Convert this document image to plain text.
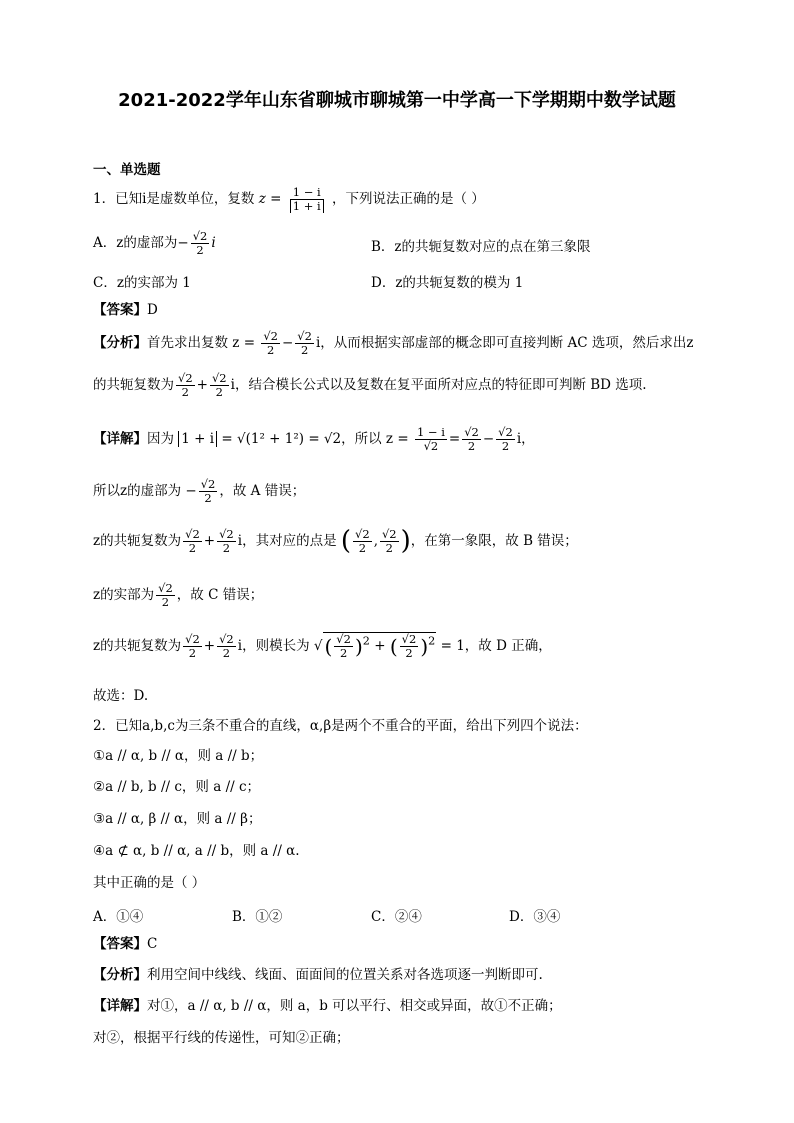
2021-2022学年山东省聊城市聊城第一中学高一下学期期中数学试题
一、单选题
1．已知i是虚数单位，复数 $z = \frac{1 - i}{1 + i}$ ，下列说法正确的是（ ）
A．z的虚部为− $\frac{√2}{2}$ i	B．z的共轭复数对应的点在第三象限
C．z的实部为 1	D．z的共轭复数的模为 1
【答案】D
【分析】首先求出复数 $z = \frac{√2}{2} - \frac{√2}{2}$ i，从而根据实部虚部的概念即可直接判断 AC 选项，然后求出z
的共轭复数为 $\frac{√2}{2} + \frac{√2}{2}$ i，结合模长公式以及复数在复平面所对应点的特征即可判断 BD 选项.
【详解】因为 1 + i = √(1² + 1²) = √2，所以 $z = \frac{1 - i}{√2} = \frac{√2}{2} - \frac{√2}{2}$ i，
所以z的虚部为 − $\frac{√2}{2}$ ，故 A 错误；
z的共轭复数为 $\frac{√2}{2} + \frac{√2}{2}$ i，其对应的点是 ( $\frac{√2}{2}$ , $\frac{√2}{2}$ )，在第一象限，故 B 错误；
z的实部为 $\frac{√2}{2}$ ，故 C 错误；
z的共轭复数为 $\frac{√2}{2} + \frac{√2}{2}$ i，则模长为 √ ( $\frac{√2}{2} )^2$ + ( $\frac{√2}{2} )^2 = 1$，故 D 正确，
故选：D.
2．已知a,b,c为三条不重合的直线，α,β是两个不重合的平面，给出下列四个说法：
①a // α, b // α，则 a // b；
②a // b, b // c，则 a // c；
③a // α, β // α，则 a // β；
④a ⊄ α, b // α, a // b，则 a // α.
其中正确的是（ ）
A．①④	B．①②	C．②④	D．③④
【答案】C
【分析】利用空间中线线、线面、面面间的位置关系对各选项逐一判断即可.
【详解】对①，a // α, b // α，则 a，b 可以平行、相交或异面，故①不正确；
对②，根据平行线的传递性，可知②正确；
